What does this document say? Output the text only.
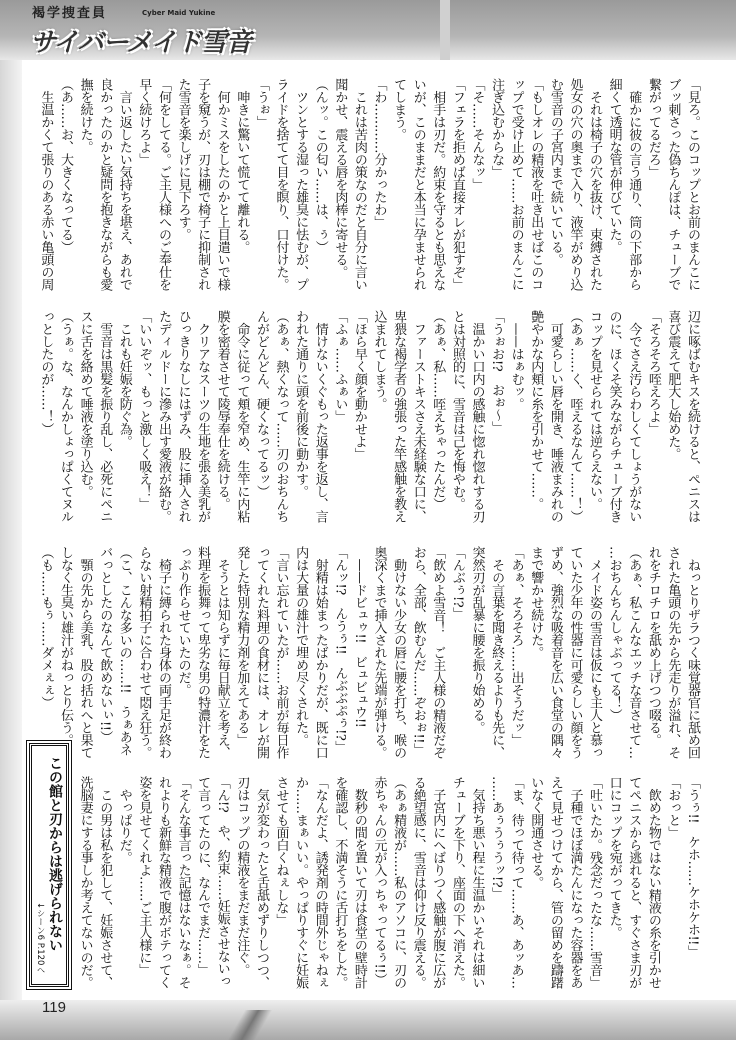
褐学捜査員	Cyber Maid Yukine
サイバーメイド雪音
「見ろ。このコップとお前のまんこに
ブッ刺さった偽ちんぽは、チューブで
繋がってるだろ」
　確かに彼の言う通り、筒の下部から
細くて透明な管が伸びていた。
　それは椅子の穴を抜け、束縛された
処女の穴の奥まで入り、液竿がめり込
む雪音の子宮内まで続いている。
「もしオレの精液を吐き出せばこのコ
ップで受け止めて……お前のまんこに
注ぎ込むからな」
「そ……そんなッ」
「フェラを拒めば直接オレが犯すぞ」
　相手は刃だ。約束を守るとも思えな
いが、このままだと本当に孕ませられ
てしまう。
「わ…………分かったわ」
　これは苦肉の策なのだと自分に言い
聞かせ、震える唇を肉棒に寄せる。
（んッ。この匂い……は、ぅ）
　ツンとする湿った雄臭に怯むが、プ
ライドを捨てて目を瞑り、口付けた。
「うぉ」
　呻きに驚いて慌てて離れる。
　何かミスをしたのかと上目遣いで様
子を窺うが、刃は棚で椅子に抑制され
た雪音を楽しげに見下ろす。
「何をしてる。ご主人様へのご奉仕を
早く続けろよ」
　言い返したい気持ちを堪え、あれで
良かったのかと疑問を抱きながらも愛
撫を続けた。
（あ……お、大きくなってる）
　生温かくて張りのある赤い亀頭の周
辺に啄ばむキスを続けると、ペニスは
喜び震えて肥大し始めた。
「そろそろ咥えろよ」
　今でさえ汚らわしくてしょうがない
のに、ほくそ笑みながらチューブ付き
コップを見せられては逆らえない。
（あぁ……く、咥えるなんて……！）
　可愛らしい唇を開き、唾液まみれの
艶やかな内頬に糸を引かせて……。
　——はぁむッ。
「うぉお!?　おぉ～」
　温かい口内の感触に惚れ惚れする刃
とは対照的に、雪音は己を悔やむ。
（あぁ、私……咥えちゃったんだ）
　ファーストキスさえ未経験な口に、
卑猥な褐学者の強張った竿感触を教え
込まれてしまう。
「ほら早く顔を動かせよ」
「ふぁ……ふぁい」
　情けないくぐもった返事を返し、言
われた通りに頭を前後に動かす。
（あぁ、熱くなって……刃のおちんち
んがどんどん、硬くなってるッ）
　命令に従って頬を窄め、生竿に内粘
膜を密着させて陵辱奉仕を続ける。
　クリアなスーツの生地を張る美乳が
ひっきりなしにはずみ、股に挿入され
たディルドーに滲み出す愛液が絡む。
「いいぞッ、もっと激しく吸え！」
　これも妊娠を防ぐ為。
　雪音は黒髪を振り乱し、必死にペニ
スに舌を絡めて唾液を塗り込む。
（うぁ。な、なんかしょっぱくてヌル
っとしたのが……！）
　ねっとりザラつく味覚器官に舐め回
された亀頭の先から先走りが溢れ、そ
れをチロチロを舐め上げつつ啜る。
（あぁ、私こんなエッチな音させて…
…おちんちんしゃぶってる！）
　メイド姿の雪音は仮にも主人と慕っ
ていた少年の性器に可愛らしい顔をう
ずめ、強烈な吸着音を広い食堂の隅々
まで響かせ続けた。
「あぁ、そろそろ……出そうだッ」
　その言葉を聞き終えるよりも先に、
突然刃が乱暴に腰を振り始める。
「んぶぅ!?」
「飲めよ雪音！　ご主人様の精液だぞ
おら、全部、飲むんだ……ぞおぉ!!」
　動けない少女の唇に腰を打ち、喉の
奥深くまで挿入された先端が弾ける。
　——ドビュゥ!!　ビュビュウ!!
「んッ!?　んうぅ!!　んぶぶぷぅ!?」
　射精は始まったばかりだが、既に口
内は大量の雄汁で埋め尽くされた。
「言い忘れていたが……お前が毎日作
ってくれた料理の食材には、オレが開
発した特別な精力剤を加えてある」
　そうとは知らずに毎日献立を考え、
料理を振舞って卑劣な男の特濃汁をた
っぷり作らせていたのだ。
　椅子に縛られた身体の両手足が終わ
らない射精拍子に合わせて悶え狂う。
（こ、こんな多いの……!!　うぁあネ
バっとしたのなんて飲めないぃ!!）
　顎の先から美乳、股の括れへと果て
しなく生臭い雄汁がねっとり伝う。
（も……もぅ……ダメぇぇ）
「うぅ!!　ケホ……ケホケホ!!」
「おっと」
　飲めた物ではない精液の糸を引かせ
てペニスから逃れると、すぐさま刃が
口にコップを宛がってきた。
「吐いたか。残念だったな……雪音」
　子種でほぼ満たんになった容器をあ
えて見せつけてから、管の留めを躊躇
いなく開通させる。
「ま、待って待って……あ、あッあ…
……あぅうぅうッ!?」
　気持ち悪い程に生温かいそれは細い
チューブを下り、座面の下へ消えた。
　子宮内にへばりつく感触が腹に広が
る絶望感に、雪音は仰け反り震える。
（あぁ精液が……私のアソコに、刃の
赤ちゃんの元が入っちゃってるぅ!!）
　数秒の間を置いて刃は食堂の壁時計
を確認し、不満そうに舌打ちをした。
「なんだよ、誘発剤の時間外じゃねぇ
か……まぁいい。やっぱりすぐに妊娠
させても面白くねぇしな」
　気が変わったと舌舐めずりしつつ、
刃はコップの精液をまだまだ注ぐ。
「ん!?　や、約束……妊娠させないっ
て言ってたのに、なんでまだ……」
「そんな事言った記憶はないなぁ。そ
れよりも新鮮な精液で腹がボテってく
姿を見せてくれよ……ご主人様に」
　やっぱりだ。
　この男は私を犯して、妊娠させて、
洗脳妻にする事しか考えてないのだ。
この館と刃からは逃げられない
↓シーン6 P.120へ
119
